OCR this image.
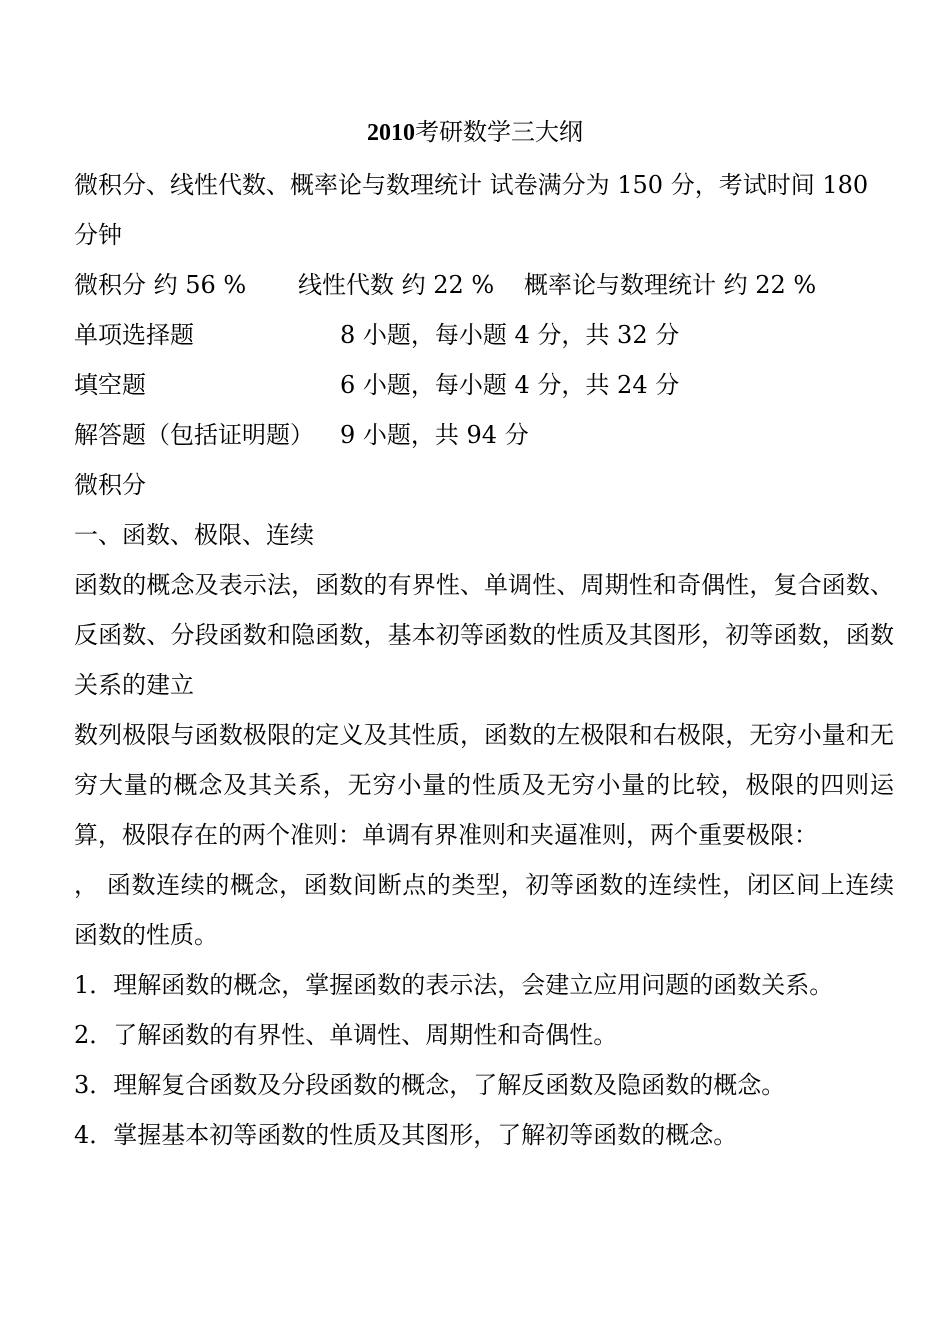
2010考研数学三大纲

微积分、线性代数、概率论与数理统计 试卷满分为 150 分，考试时间 180

分钟

微积分 约 56 %	线性代数 约 22 %	概率论与数理统计 约 22 %
单项选择题	8 小题，每小题 4 分，共 32 分
填空题	6 小题，每小题 4 分，共 24 分
解答题（包括证明题）	9 小题，共 94 分

微积分

一、函数、极限、连续

函数的概念及表示法，函数的有界性、单调性、周期性和奇偶性，复合函数、反函数、分段函数和隐函数，基本初等函数的性质及其图形，初等函数，函数关系的建立

数列极限与函数极限的定义及其性质，函数的左极限和右极限，无穷小量和无穷大量的概念及其关系，无穷小量的性质及无穷小量的比较，极限的四则运算，极限存在的两个准则：单调有界准则和夹逼准则，两个重要极限：

， 函数连续的概念，函数间断点的类型，初等函数的连续性，闭区间上连续函数的性质。

1．理解函数的概念，掌握函数的表示法，会建立应用问题的函数关系。

2．了解函数的有界性、单调性、周期性和奇偶性。

3．理解复合函数及分段函数的概念，了解反函数及隐函数的概念。

4．掌握基本初等函数的性质及其图形，了解初等函数的概念。
